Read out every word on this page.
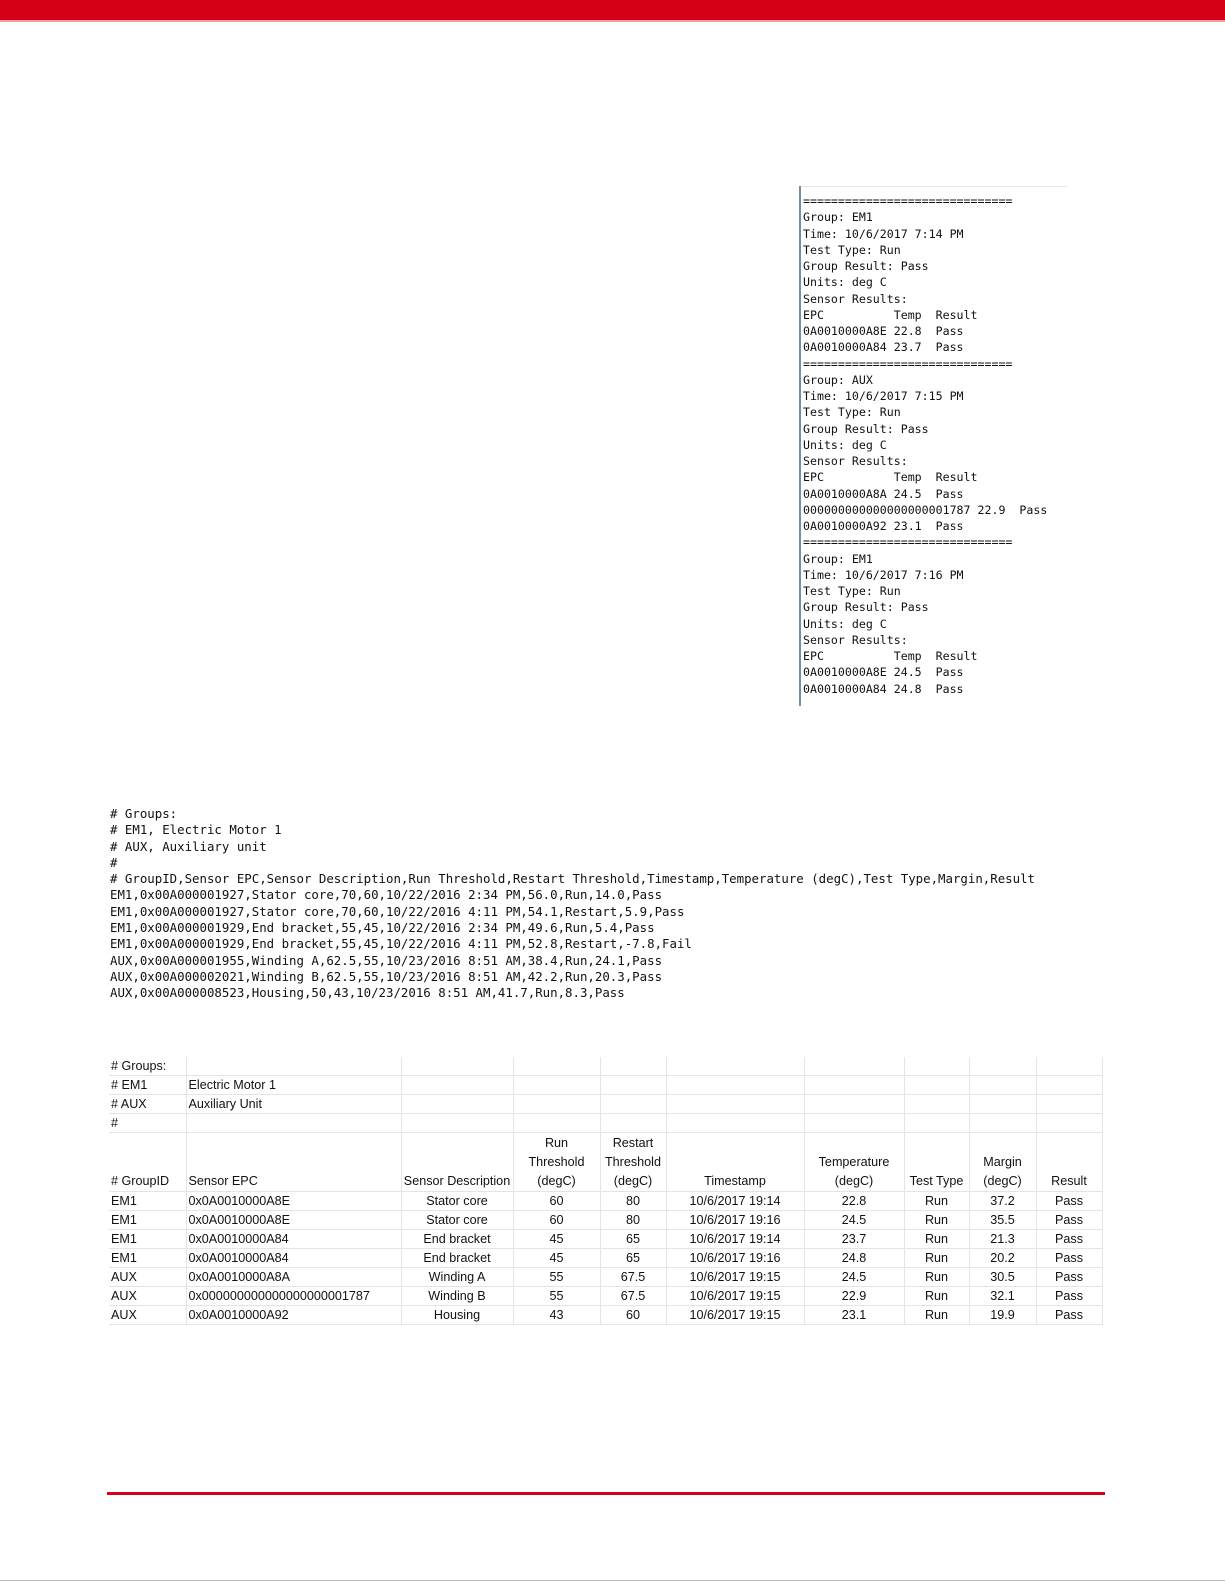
==============================
Group: EM1
Time: 10/6/2017 7:14 PM
Test Type: Run
Group Result: Pass
Units: deg C
Sensor Results:
EPC          Temp  Result
0A0010000A8E 22.8  Pass
0A0010000A84 23.7  Pass
==============================
Group: AUX
Time: 10/6/2017 7:15 PM
Test Type: Run
Group Result: Pass
Units: deg C
Sensor Results:
EPC          Temp  Result
0A0010000A8A 24.5  Pass
000000000000000000001787 22.9  Pass
0A0010000A92 23.1  Pass
==============================
Group: EM1
Time: 10/6/2017 7:16 PM
Test Type: Run
Group Result: Pass
Units: deg C
Sensor Results:
EPC          Temp  Result
0A0010000A8E 24.5  Pass
0A0010000A84 24.8  Pass
# Groups:
# EM1, Electric Motor 1
# AUX, Auxiliary unit
#
# GroupID,Sensor EPC,Sensor Description,Run Threshold,Restart Threshold,Timestamp,Temperature (degC),Test Type,Margin,Result
EM1,0x00A000001927,Stator core,70,60,10/22/2016 2:34 PM,56.0,Run,14.0,Pass
EM1,0x00A000001927,Stator core,70,60,10/22/2016 4:11 PM,54.1,Restart,5.9,Pass
EM1,0x00A000001929,End bracket,55,45,10/22/2016 2:34 PM,49.6,Run,5.4,Pass
EM1,0x00A000001929,End bracket,55,45,10/22/2016 4:11 PM,52.8,Restart,-7.8,Fail
AUX,0x00A000001955,Winding A,62.5,55,10/23/2016 8:51 AM,38.4,Run,24.1,Pass
AUX,0x00A000002021,Winding B,62.5,55,10/23/2016 8:51 AM,42.2,Run,20.3,Pass
AUX,0x00A000008523,Housing,50,43,10/23/2016 8:51 AM,41.7,Run,8.3,Pass
# Groups:									
# EM1	Electric Motor 1								
# AUX	Auxiliary Unit								
#									
# GroupID	Sensor EPC	Sensor Description	Run Threshold (degC)	Restart Threshold (degC)	Timestamp	Temperature (degC)	Test Type	Margin (degC)	Result
EM1	0x0A0010000A8E	Stator core	60	80	10/6/2017 19:14	22.8	Run	37.2	Pass
EM1	0x0A0010000A8E	Stator core	60	80	10/6/2017 19:16	24.5	Run	35.5	Pass
EM1	0x0A0010000A84	End bracket	45	65	10/6/2017 19:14	23.7	Run	21.3	Pass
EM1	0x0A0010000A84	End bracket	45	65	10/6/2017 19:16	24.8	Run	20.2	Pass
AUX	0x0A0010000A8A	Winding A	55	67.5	10/6/2017 19:15	24.5	Run	30.5	Pass
AUX	0x000000000000000000001787	Winding B	55	67.5	10/6/2017 19:15	22.9	Run	32.1	Pass
AUX	0x0A0010000A92	Housing	43	60	10/6/2017 19:15	23.1	Run	19.9	Pass
